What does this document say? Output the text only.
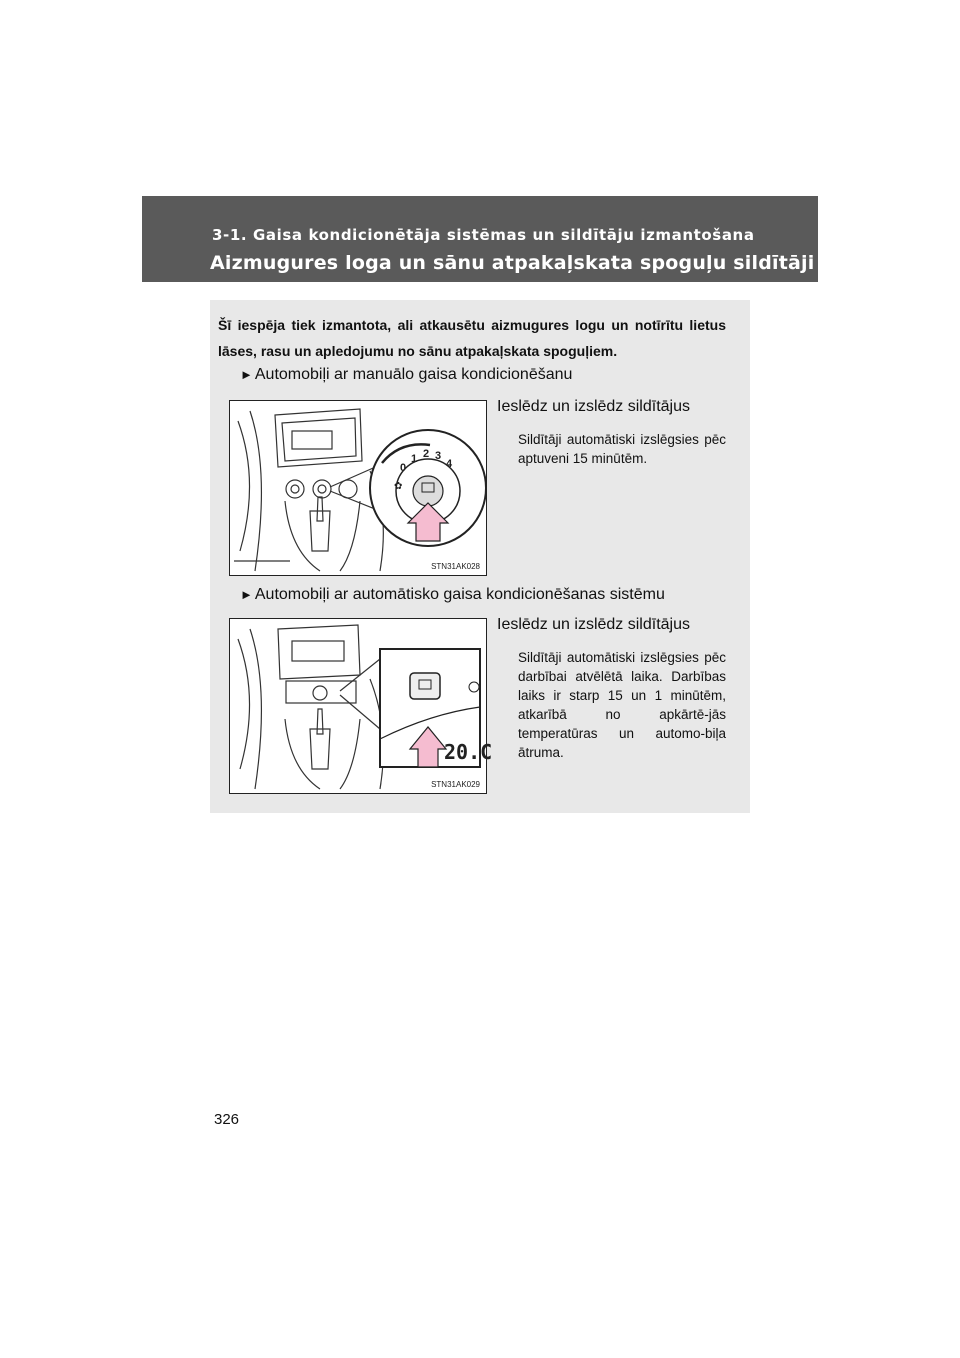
3-1. Gaisa kondicionētāja sistēmas un sildītāju izmantošana
Aizmugures loga un sānu atpakaļskata spoguļu sildītāji
Šī iespēja tiek izmantota, ali atkausētu aizmugures logu un notīrītu lietus lāses, rasu un apledojumu no sānu atpakaļskata spoguļiem.
► Automobiļi ar manuālo gaisa kondicionēšanu
Ieslēdz un izslēdz sildītājus
Sildītāji automātiski izslēgsies pēc aptuveni 15 minūtēm.
0
1 2 3
4
✿
STN31AK028
► Automobiļi ar automātisko gaisa kondicionēšanas sistēmu
Ieslēdz un izslēdz sildītājus
Sildītāji automātiski izslēgsies pēc darbībai atvēlētā laika. Darbības laiks ir starp 15 un 1 minūtēm, atkarībā no apkārtē-jās temperatūras un automo-biļa ātruma.
20.C
STN31AK029
326
